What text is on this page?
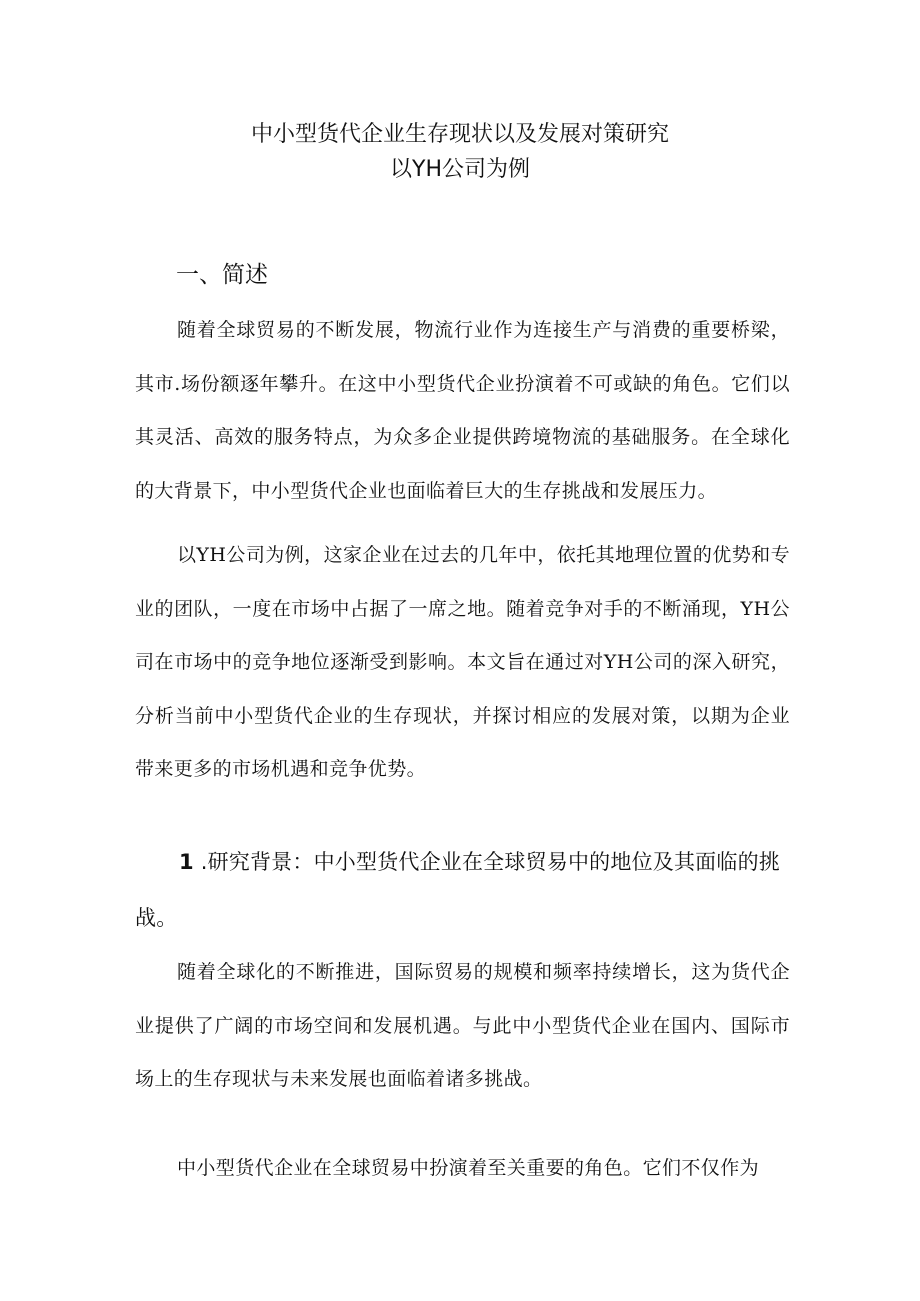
中小型货代企业生存现状以及发展对策研究
以YH公司为例
一、简述

随着全球贸易的不断发展，物流行业作为连接生产与消费的重要桥梁，其市.场份额逐年攀升。在这中小型货代企业扮演着不可或缺的角色。它们以其灵活、高效的服务特点，为众多企业提供跨境物流的基础服务。在全球化的大背景下，中小型货代企业也面临着巨大的生存挑战和发展压力。

以YH公司为例，这家企业在过去的几年中，依托其地理位置的优势和专业的团队，一度在市场中占据了一席之地。随着竞争对手的不断涌现，YH公司在市场中的竞争地位逐渐受到影响。本文旨在通过对YH公司的深入研究，分析当前中小型货代企业的生存现状，并探讨相应的发展对策，以期为企业带来更多的市场机遇和竞争优势。

1 .研究背景：中小型货代企业在全球贸易中的地位及其面临的挑战。

随着全球化的不断推进，国际贸易的规模和频率持续增长，这为货代企业提供了广阔的市场空间和发展机遇。与此中小型货代企业在国内、国际市场上的生存现状与未来发展也面临着诸多挑战。

中小型货代企业在全球贸易中扮演着至关重要的角色。它们不仅作为
